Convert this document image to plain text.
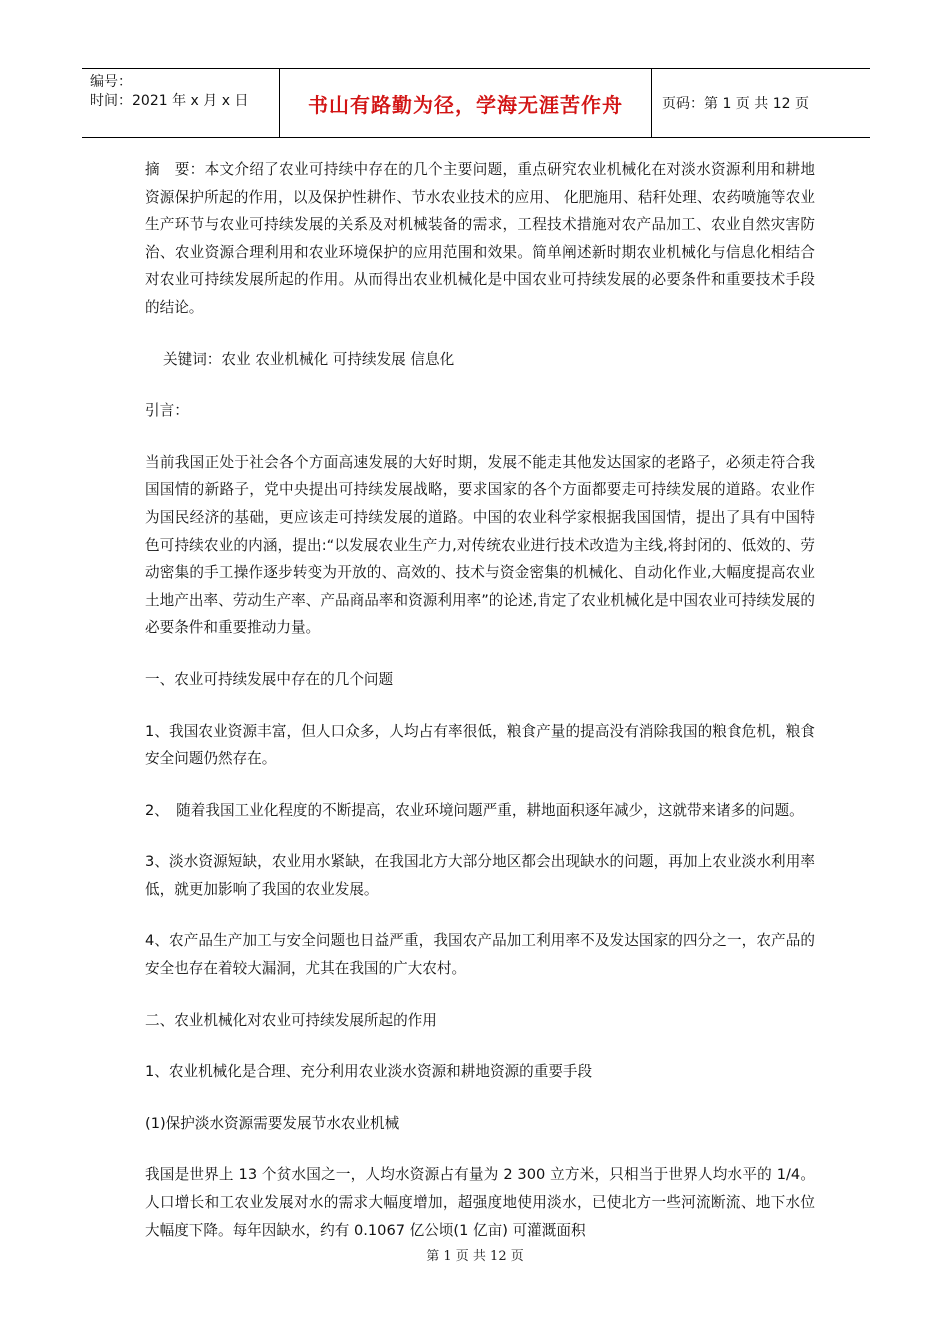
编号：
时间：2021 年 x 月 x 日	书山有路勤为径，学海无涯苦作舟	页码：第 1 页 共 12 页

摘　要：本文介绍了农业可持续中存在的几个主要问题，重点研究农业机械化在对淡水资源利用和耕地资源保护所起的作用，以及保护性耕作、节水农业技术的应用、 化肥施用、秸秆处理、农药喷施等农业生产环节与农业可持续发展的关系及对机械装备的需求，工程技术措施对农产品加工、农业自然灾害防治、农业资源合理利用和农业环境保护的应用范围和效果。简单阐述新时期农业机械化与信息化相结合对农业可持续发展所起的作用。从而得出农业机械化是中国农业可持续发展的必要条件和重要技术手段的结论。

关键词：农业 农业机械化 可持续发展 信息化

引言：

当前我国正处于社会各个方面高速发展的大好时期，发展不能走其他发达国家的老路子，必须走符合我国国情的新路子，党中央提出可持续发展战略，要求国家的各个方面都要走可持续发展的道路。农业作为国民经济的基础，更应该走可持续发展的道路。中国的农业科学家根据我国国情，提出了具有中国特色可持续农业的内涵，提出:“以发展农业生产力,对传统农业进行技术改造为主线,将封闭的、低效的、劳动密集的手工操作逐步转变为开放的、高效的、技术与资金密集的机械化、自动化作业,大幅度提高农业土地产出率、劳动生产率、产品商品率和资源利用率”的论述,肯定了农业机械化是中国农业可持续发展的必要条件和重要推动力量。

一、农业可持续发展中存在的几个问题

1、我国农业资源丰富，但人口众多，人均占有率很低，粮食产量的提高没有消除我国的粮食危机，粮食安全问题仍然存在。

2、　随着我国工业化程度的不断提高，农业环境问题严重，耕地面积逐年减少，这就带来诸多的问题。

3、淡水资源短缺，农业用水紧缺，在我国北方大部分地区都会出现缺水的问题，再加上农业淡水利用率低，就更加影响了我国的农业发展。

4、农产品生产加工与安全问题也日益严重，我国农产品加工利用率不及发达国家的四分之一，农产品的安全也存在着较大漏洞，尤其在我国的广大农村。

二、农业机械化对农业可持续发展所起的作用

1、农业机械化是合理、充分利用农业淡水资源和耕地资源的重要手段

(1)保护淡水资源需要发展节水农业机械

我国是世界上 13 个贫水国之一，人均水资源占有量为 2 300 立方米，只相当于世界人均水平的 1/4。人口增长和工农业发展对水的需求大幅度增加，超强度地使用淡水，已使北方一些河流断流、地下水位大幅度下降。每年因缺水，约有 0.1067 亿公顷(1 亿亩) 可灌溉面积

第 1 页 共 12 页
